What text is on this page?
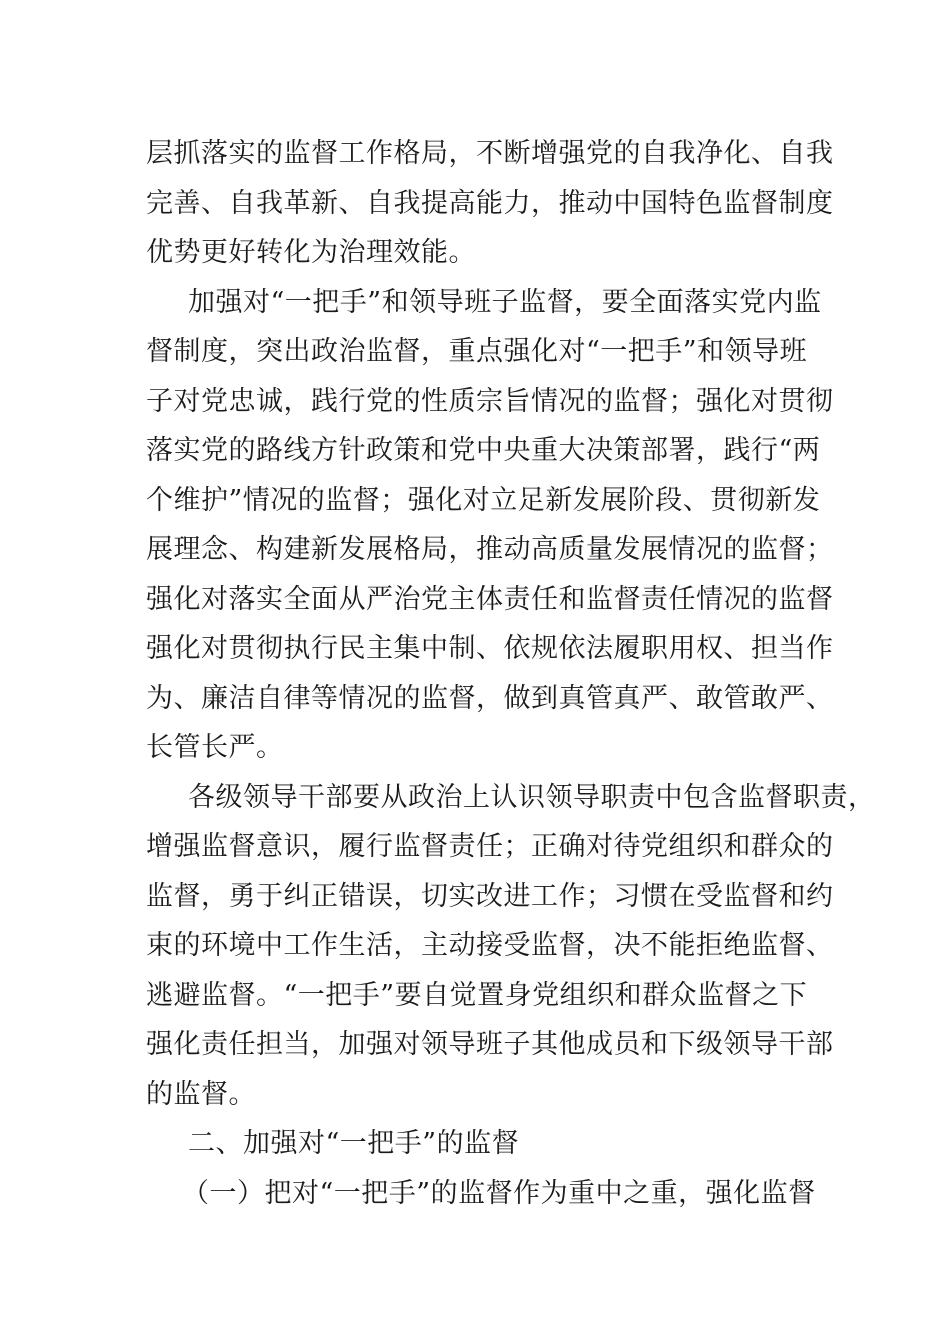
层抓落实的监督工作格局，不断增强党的自我净化、自我
完善、自我革新、自我提高能力，推动中国特色监督制度
优势更好转化为治理效能。
加强对“一把手”和领导班子监督，要全面落实党内监
督制度，突出政治监督，重点强化对“一把手”和领导班
子对党忠诚，践行党的性质宗旨情况的监督；强化对贯彻
落实党的路线方针政策和党中央重大决策部署，践行“两
个维护”情况的监督；强化对立足新发展阶段、贯彻新发
展理念、构建新发展格局，推动高质量发展情况的监督；
强化对落实全面从严治党主体责任和监督责任情况的监督
强化对贯彻执行民主集中制、依规依法履职用权、担当作
为、廉洁自律等情况的监督，做到真管真严、敢管敢严、
长管长严。
各级领导干部要从政治上认识领导职责中包含监督职责，
增强监督意识，履行监督责任；正确对待党组织和群众的
监督，勇于纠正错误，切实改进工作；习惯在受监督和约
束的环境中工作生活，主动接受监督，决不能拒绝监督、
逃避监督。“一把手”要自觉置身党组织和群众监督之下
强化责任担当，加强对领导班子其他成员和下级领导干部
的监督。
二、加强对“一把手”的监督
（一）把对“一把手”的监督作为重中之重，强化监督
